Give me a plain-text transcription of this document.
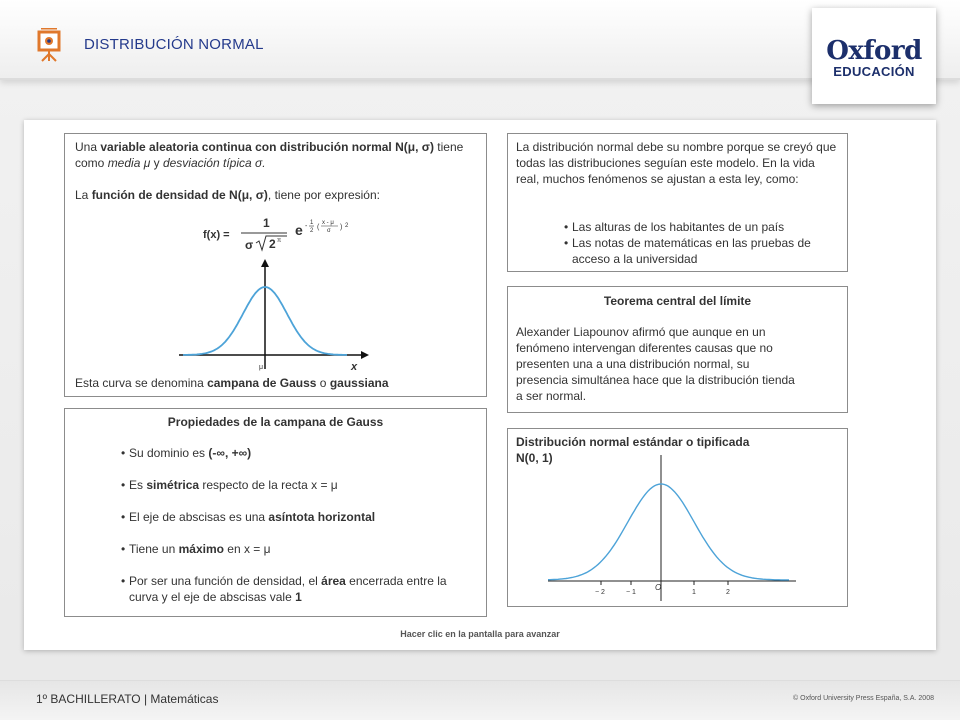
DISTRIBUCIÓN NORMAL	Oxford
EDUCACIÓN

Una variable aleatoria continua con distribución normal N(μ, σ) tiene como media μ y desviación típica σ.

La función de densidad de N(μ, σ), tiene por expresión:

f(x) =
1
σ 2 π
e - 1
2 (
x - μ
σ ) 2
μ	x

Esta curva se denomina campana de Gauss o gaussiana

La distribución normal debe su nombre porque se creyó que todas las distribuciones seguían este modelo. En la vida real, muchos fenómenos se ajustan a esta ley, como:

• Las alturas de los habitantes de un país
• Las notas de matemáticas en las pruebas de acceso a la universidad

Teorema central del límite

Alexander Liapounov afirmó que aunque en un fenómeno intervengan diferentes causas que no presenten una a una distribución normal, su presencia simultánea hace que la distribución tienda a ser normal.

Propiedades de la campana de Gauss

• Su dominio es (-∞, +∞)
• Es simétrica respecto de la recta x = μ
• El eje de abscisas es una asíntota horizontal
• Tiene un máximo en x = μ
• Por ser una función de densidad, el área encerrada entre la curva y el eje de abscisas vale 1

Distribución normal estándar o tipificada
N(0, 1)

− 2	− 1
O
1	2
Hacer clic en la pantalla para avanzar
1º BACHILLERATO | Matemáticas	© Oxford University Press España, S.A. 2008
